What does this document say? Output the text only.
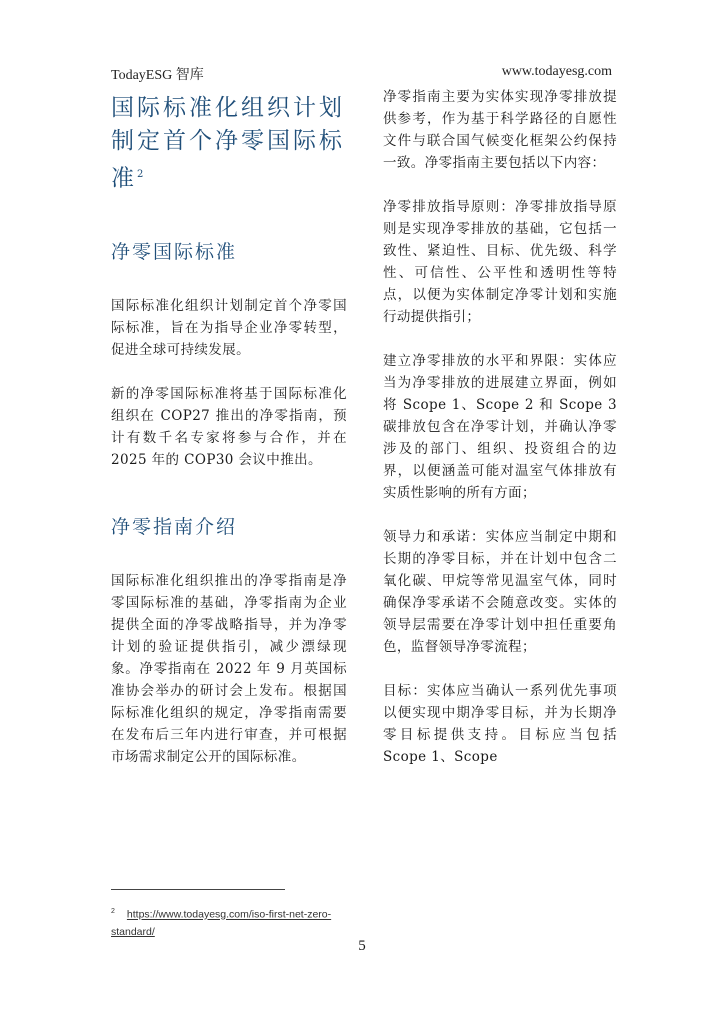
TodayESG 智库	www.todayesg.com
国际标准化组织计划制定首个净零国际标准$^2$
净零国际标准

国际标准化组织计划制定首个净零国际标准，旨在为指导企业净零转型，促进全球可持续发展。

新的净零国际标准将基于国际标准化组织在 COP27 推出的净零指南，预计有数千名专家将参与合作，并在 2025 年的 COP30 会议中推出。

净零指南介绍

国际标准化组织推出的净零指南是净零国际标准的基础，净零指南为企业提供全面的净零战略指导，并为净零计划的验证提供指引，减少漂绿现象。净零指南在 2022 年 9 月英国标准协会举办的研讨会上发布。根据国际标准化组织的规定，净零指南需要在发布后三年内进行审查，并可根据市场需求制定公开的国际标准。

净零指南主要为实体实现净零排放提供参考，作为基于科学路径的自愿性文件与联合国气候变化框架公约保持一致。净零指南主要包括以下内容：

净零排放指导原则：净零排放指导原则是实现净零排放的基础，它包括一致性、紧迫性、目标、优先级、科学性、可信性、公平性和透明性等特点，以便为实体制定净零计划和实施行动提供指引；

建立净零排放的水平和界限：实体应当为净零排放的进展建立界面，例如将 Scope 1、Scope 2 和 Scope 3 碳排放包含在净零计划，并确认净零涉及的部门、组织、投资组合的边界，以便涵盖可能对温室气体排放有实质性影响的所有方面；

领导力和承诺：实体应当制定中期和长期的净零目标，并在计划中包含二氧化碳、甲烷等常见温室气体，同时确保净零承诺不会随意改变。实体的领导层需要在净零计划中担任重要角色，监督领导净零流程；

目标：实体应当确认一系列优先事项以便实现中期净零目标，并为长期净零目标提供支持。目标应当包括 Scope 1、Scope

$^2$ https://www.todayesg.com/iso-first-net-zero-standard/
5
